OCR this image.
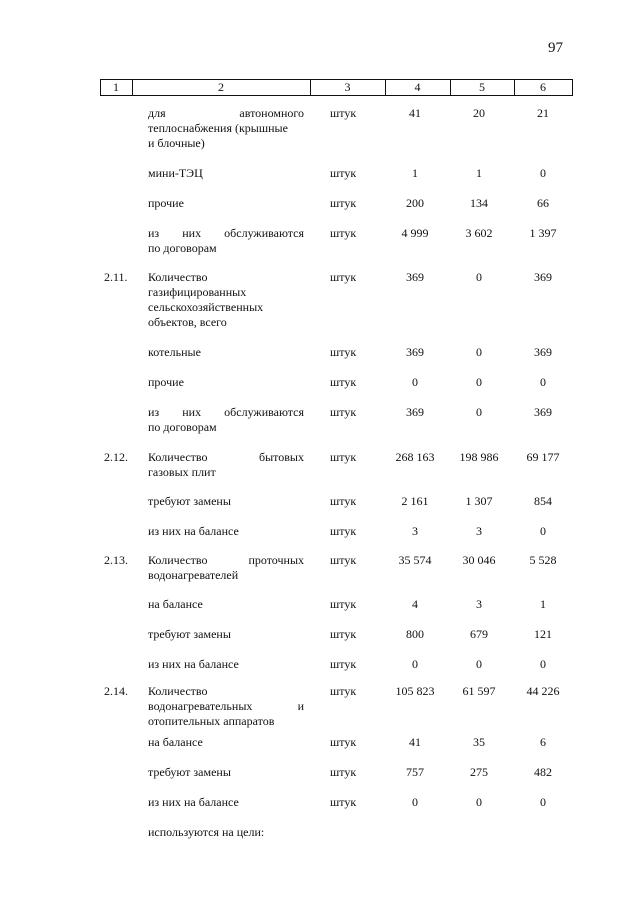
97
1	2	3	4	5	6
для автономного
теплоснабжения (крышные
и блочные)
штук	41	20	21
мини-ТЭЦ	штук	1	1	0
прочие	штук	200	134	66
из них обслуживаются
по договорам
штук	4 999	3 602	1 397
2.11.	Количество
газифицированных
сельскохозяйственных
объектов, всего
штук	369	0	369
котельные	штук	369	0	369
прочие	штук	0	0	0
из них обслуживаются
по договорам
штук	369	0	369
2.12.	Количество бытовых
газовых плит
штук	268 163	198 986	69 177
требуют замены	штук	2 161	1 307	854
из них на балансе	штук	3	3	0
2.13.	Количество проточных
водонагревателей
штук	35 574	30 046	5 528
на балансе	штук	4	3	1
требуют замены	штук	800	679	121
из них на балансе	штук	0	0	0
2.14.	Количество
водонагревательных и
отопительных аппаратов
штук	105 823	61 597	44 226
на балансе	штук	41	35	6
требуют замены	штук	757	275	482
из них на балансе	штук	0	0	0
используются на цели:
